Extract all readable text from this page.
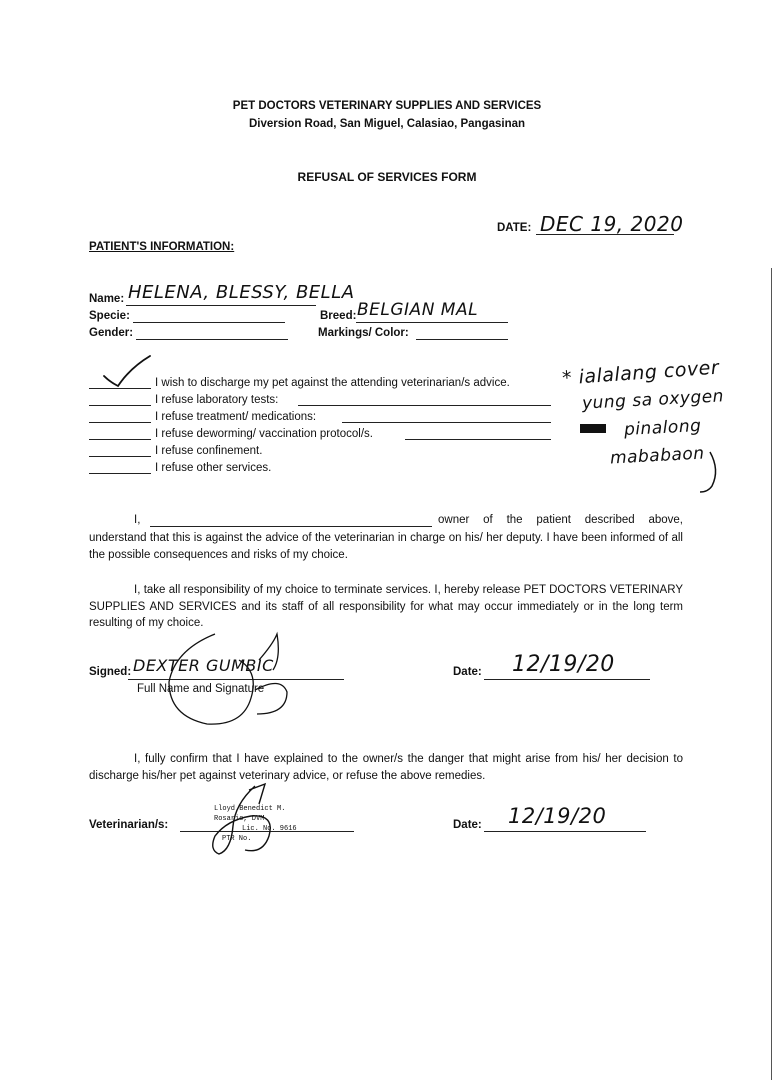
PET DOCTORS VETERINARY SUPPLIES AND SERVICES
Diversion Road, San Miguel, Calasiao, Pangasinan
REFUSAL OF SERVICES FORM
DATE: DEC 19, 2020
PATIENT'S INFORMATION:
Name: HELENA, BLESSY, BELLA
Specie:	Breed: BELGIAN MAL
Gender:	Markings/ Color:
I wish to discharge my pet against the attending veterinarian/s advice.
I refuse laboratory tests:
I refuse treatment/ medications:
I refuse deworming/ vaccination protocol/s.
I refuse confinement.
I refuse other services.
* ialalang cover
yung sa oxygen
pinalong
mababaon
I,	owner of the patient described above,
understand that this is against the advice of the veterinarian in charge on his/ her deputy. I have been informed of all the possible consequences and risks of my choice.
I, take all responsibility of my choice to terminate services. I, hereby release PET DOCTORS VETERINARY SUPPLIES AND SERVICES and its staff of all responsibility for what may occur immediately or in the long term resulting of my choice.
Signed: DEXTER GUMBIC
Full Name and Signature
Date: 12/19/20
I, fully confirm that I have explained to the owner/s the danger that might arise from his/ her decision to discharge his/her pet against veterinary advice, or refuse the above remedies.
Veterinarian/s:
Lloyd Benedict M. Rosario, DVM
Lic. No. 9616
PTR No.
Date: 12/19/20
